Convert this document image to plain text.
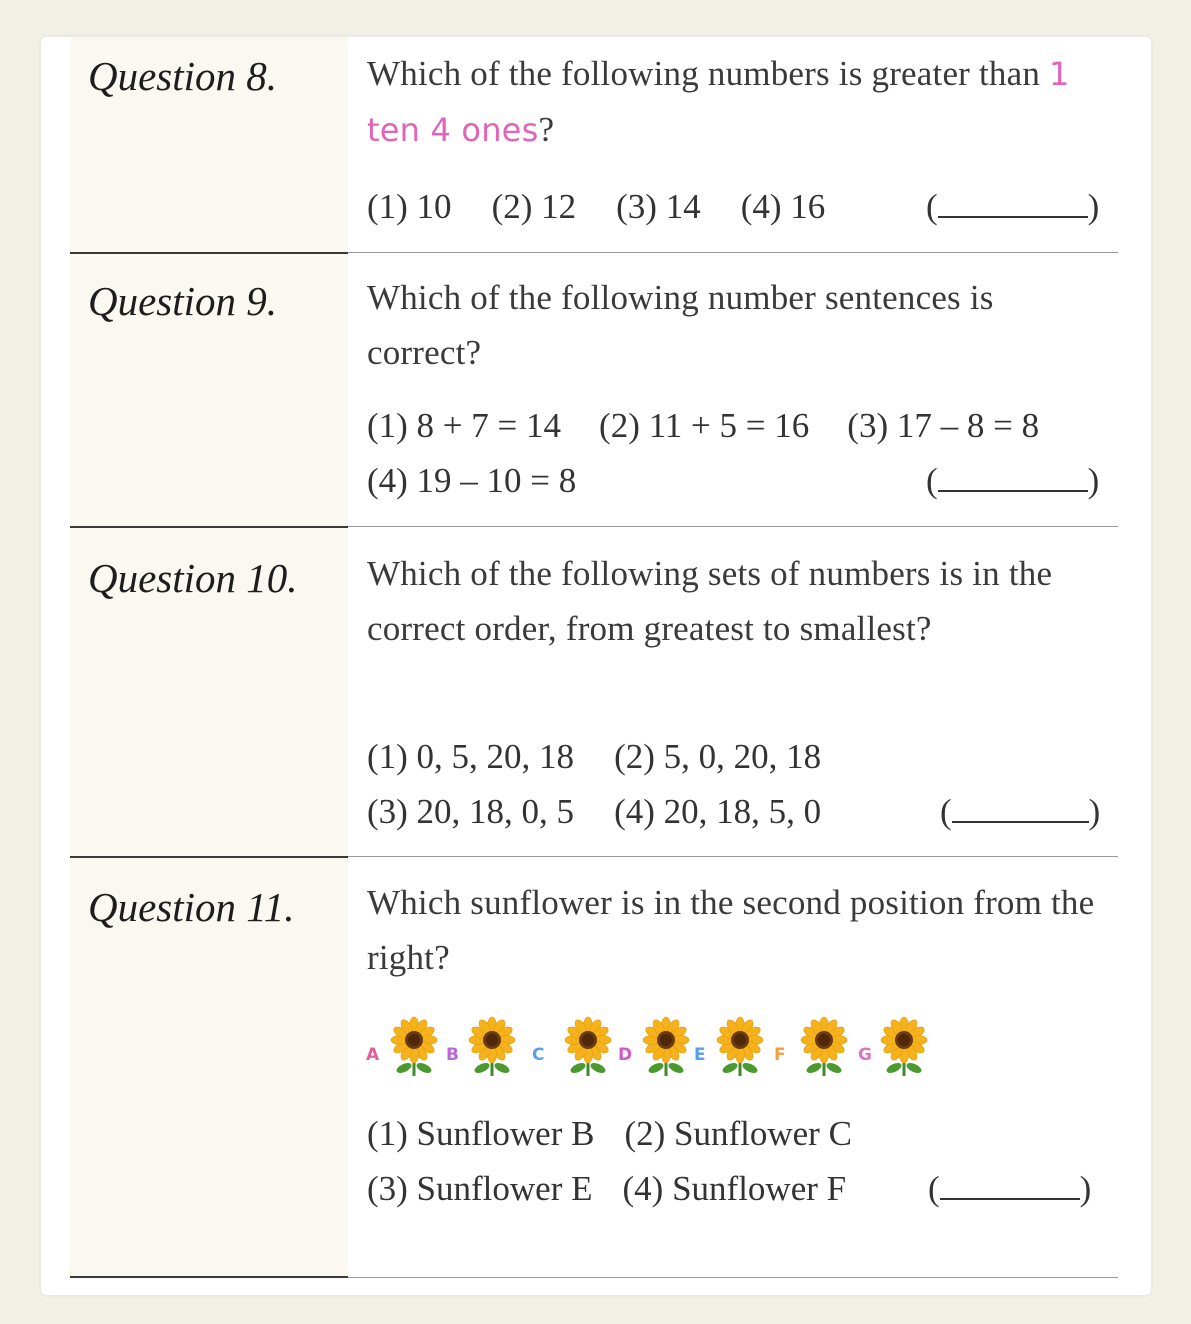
Question 8.	Which of the following numbers is greater than 1 ten 4 ones?
(1) 10 (2) 12 (3) 14 (4) 16	(	)
Question 9.	Which of the following number sentences is correct?
(1) 8 + 7 = 14 (2) 11 + 5 = 16 (3) 17 – 8 = 8
(4) 19 – 10 = 8	(	)
Question 10. Which of the following sets of numbers is in the correct order, from greatest to smallest?
(1) 0, 5, 20, 18 (2) 5, 0, 20, 18
(3) 20, 18, 0, 5 (4) 20, 18, 5, 0	(	)
Question 11. Which sunflower is in the second position from the right?
A	B	C	D	E	F	G
(1) Sunflower B (2) Sunflower C
(3) Sunflower E (4) Sunflower F (	)
